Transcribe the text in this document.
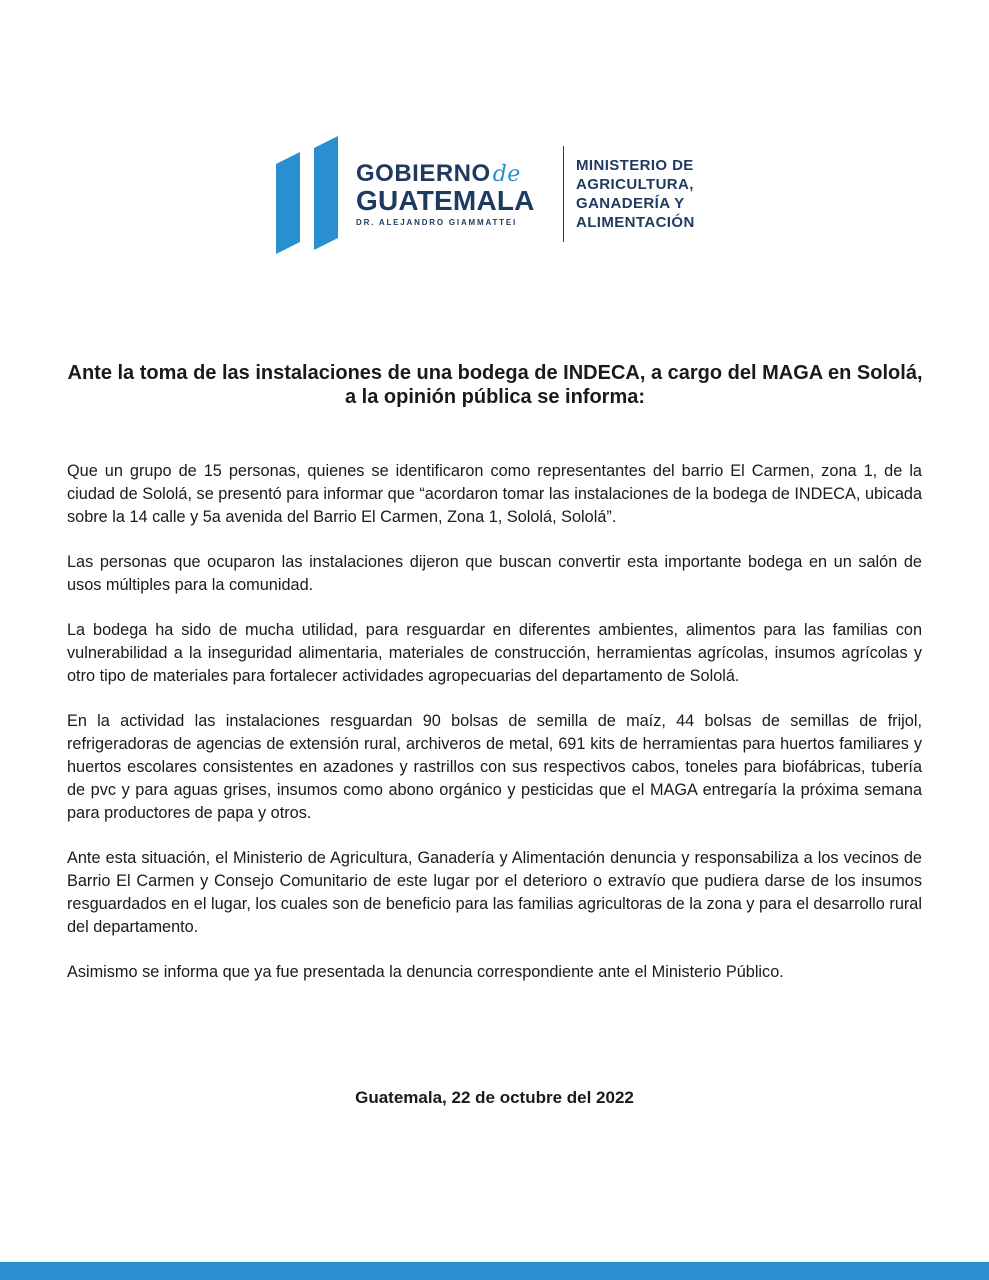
GOBIERNOde
GUATEMALA
DR. ALEJANDRO GIAMMATTEI
MINISTERIO DE
AGRICULTURA,
GANADERÍA Y
ALIMENTACIÓN
Ante la toma de las instalaciones de una bodega de INDECA, a cargo del MAGA en Sololá, a la opinión pública se informa:

Que un grupo de 15 personas, quienes se identificaron como representantes del barrio El Carmen, zona 1, de la ciudad de Sololá, se presentó para informar que “acordaron tomar las instalaciones de la bodega de INDECA, ubicada sobre la 14 calle y 5a avenida del Barrio El Carmen, Zona 1, Sololá, Sololá”.

Las personas que ocuparon las instalaciones dijeron que buscan convertir esta importante bodega en un salón de usos múltiples para la comunidad.

La bodega ha sido de mucha utilidad, para resguardar en diferentes ambientes, alimentos para las familias con vulnerabilidad a la inseguridad alimentaria, materiales de construcción, herramientas agrícolas, insumos agrícolas y otro tipo de materiales para fortalecer actividades agropecuarias del departamento de Sololá.

En la actividad las instalaciones resguardan 90 bolsas de semilla de maíz, 44 bolsas de semillas de frijol, refrigeradoras de agencias de extensión rural, archiveros de metal, 691 kits de herramientas para huertos familiares y huertos escolares consistentes en azadones y rastrillos con sus respectivos cabos, toneles para biofábricas, tubería de pvc y para aguas grises, insumos como abono orgánico y pesticidas que el MAGA entregaría la próxima semana para productores de papa y otros.

Ante esta situación, el Ministerio de Agricultura, Ganadería y Alimentación denuncia y responsabiliza a los vecinos de Barrio El Carmen y Consejo Comunitario de este lugar por el deterioro o extravío que pudiera darse de los insumos resguardados en el lugar, los cuales son de beneficio para las familias agricultoras de la zona y para el desarrollo rural del departamento.

Asimismo se informa que ya fue presentada la denuncia correspondiente ante el Ministerio Público.

Guatemala, 22 de octubre del 2022
